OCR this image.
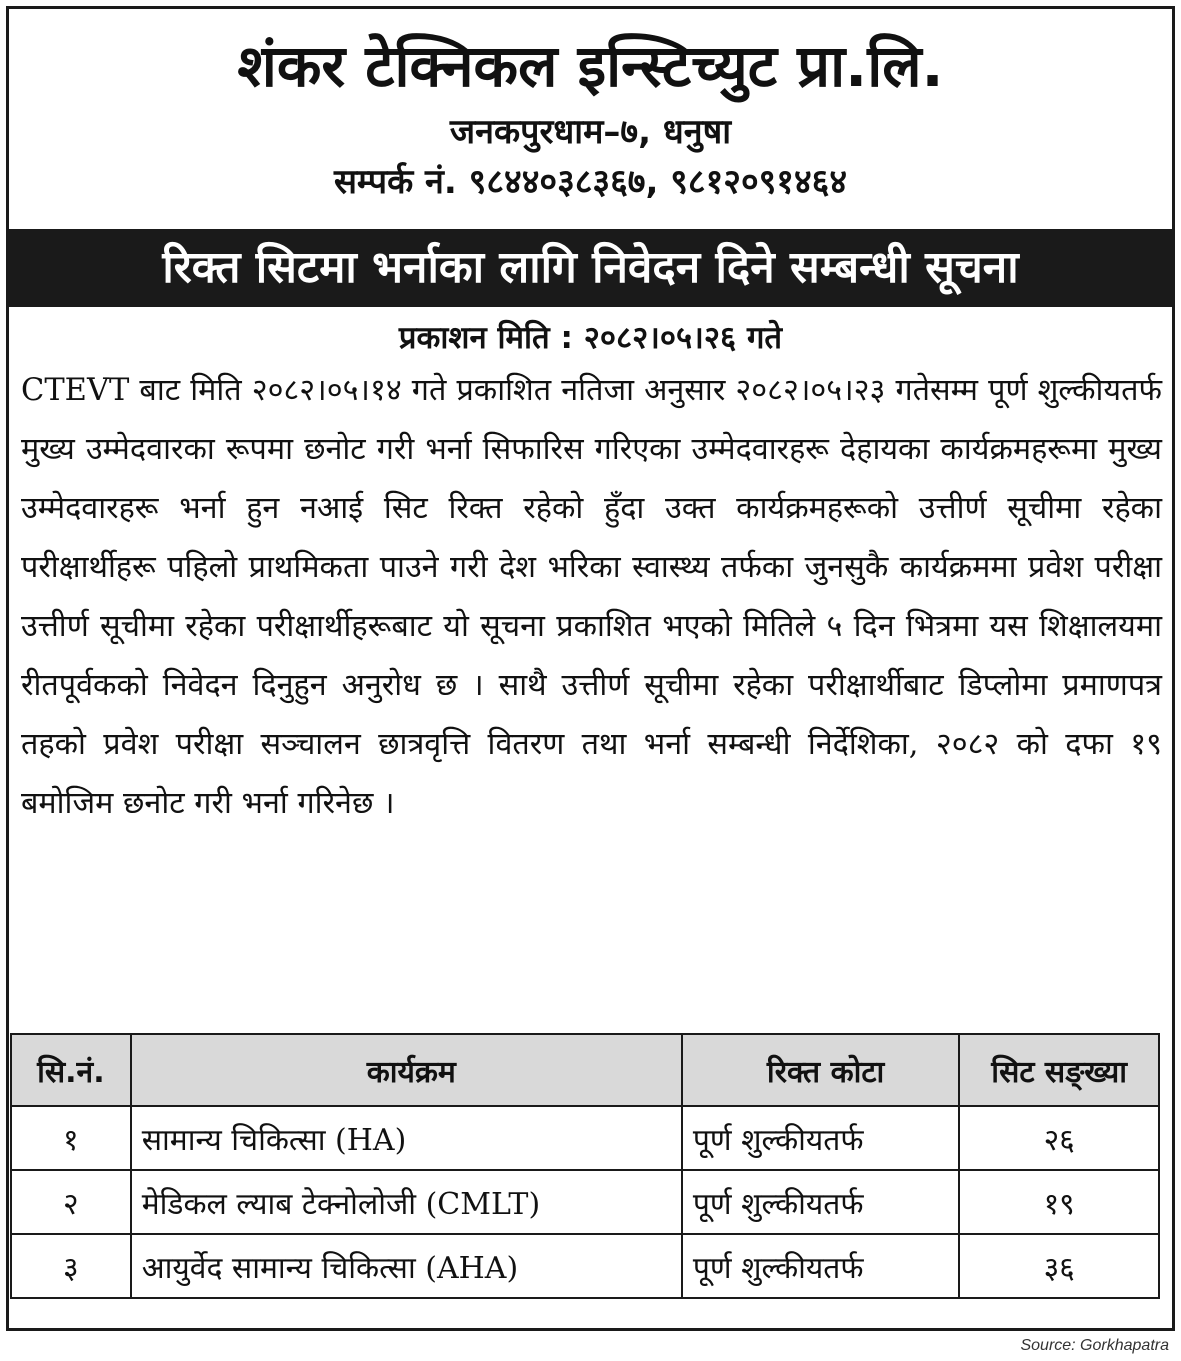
शंकर टेक्निकल इन्स्टिच्युट प्रा.लि.
जनकपुरधाम–७, धनुषा
सम्पर्क नं. ९८४४०३८३६७, ९८१२०९१४६४
रिक्त सिटमा भर्नाका लागि निवेदन दिने सम्बन्धी सूचना
प्रकाशन मिति : २०८२।०५।२६ गते

CTEVT बाट मिति २०८२।०५।१४ गते प्रकाशित नतिजा अनुसार २०८२।०५।२३ गतेसम्म पूर्ण शुल्कीयतर्फ मुख्य उम्मेदवारका रूपमा छनोट गरी भर्ना सिफारिस गरिएका उम्मेदवारहरू देहायका कार्यक्रमहरूमा मुख्य उम्मेदवारहरू भर्ना हुन नआई सिट रिक्त रहेको हुँदा उक्त कार्यक्रमहरूको उत्तीर्ण सूचीमा रहेका परीक्षार्थीहरू पहिलो प्राथमिकता पाउने गरी देश भरिका स्वास्थ्य तर्फका जुनसुकै कार्यक्रममा प्रवेश परीक्षा उत्तीर्ण सूचीमा रहेका परीक्षार्थीहरूबाट यो सूचना प्रकाशित भएको मितिले ५ दिन भित्रमा यस शिक्षालयमा रीतपूर्वकको निवेदन दिनुहुन अनुरोध छ । साथै उत्तीर्ण सूचीमा रहेका परीक्षार्थीबाट डिप्लोमा प्रमाणपत्र तहको प्रवेश परीक्षा सञ्चालन छात्रवृत्ति वितरण तथा भर्ना सम्बन्धी निर्देशिका, २०८२ को दफा १९ बमोजिम छनोट गरी भर्ना गरिनेछ ।

सि.नं.	कार्यक्रम	रिक्त कोटा	सिट सङ्ख्या
१	सामान्य चिकित्सा (HA)	पूर्ण शुल्कीयतर्फ	२६
२	मेडिकल ल्याब टेक्नोलोजी (CMLT)	पूर्ण शुल्कीयतर्फ	१९
३	आयुर्वेद सामान्य चिकित्सा (AHA)	पूर्ण शुल्कीयतर्फ	३६
Source: Gorkhapatra
